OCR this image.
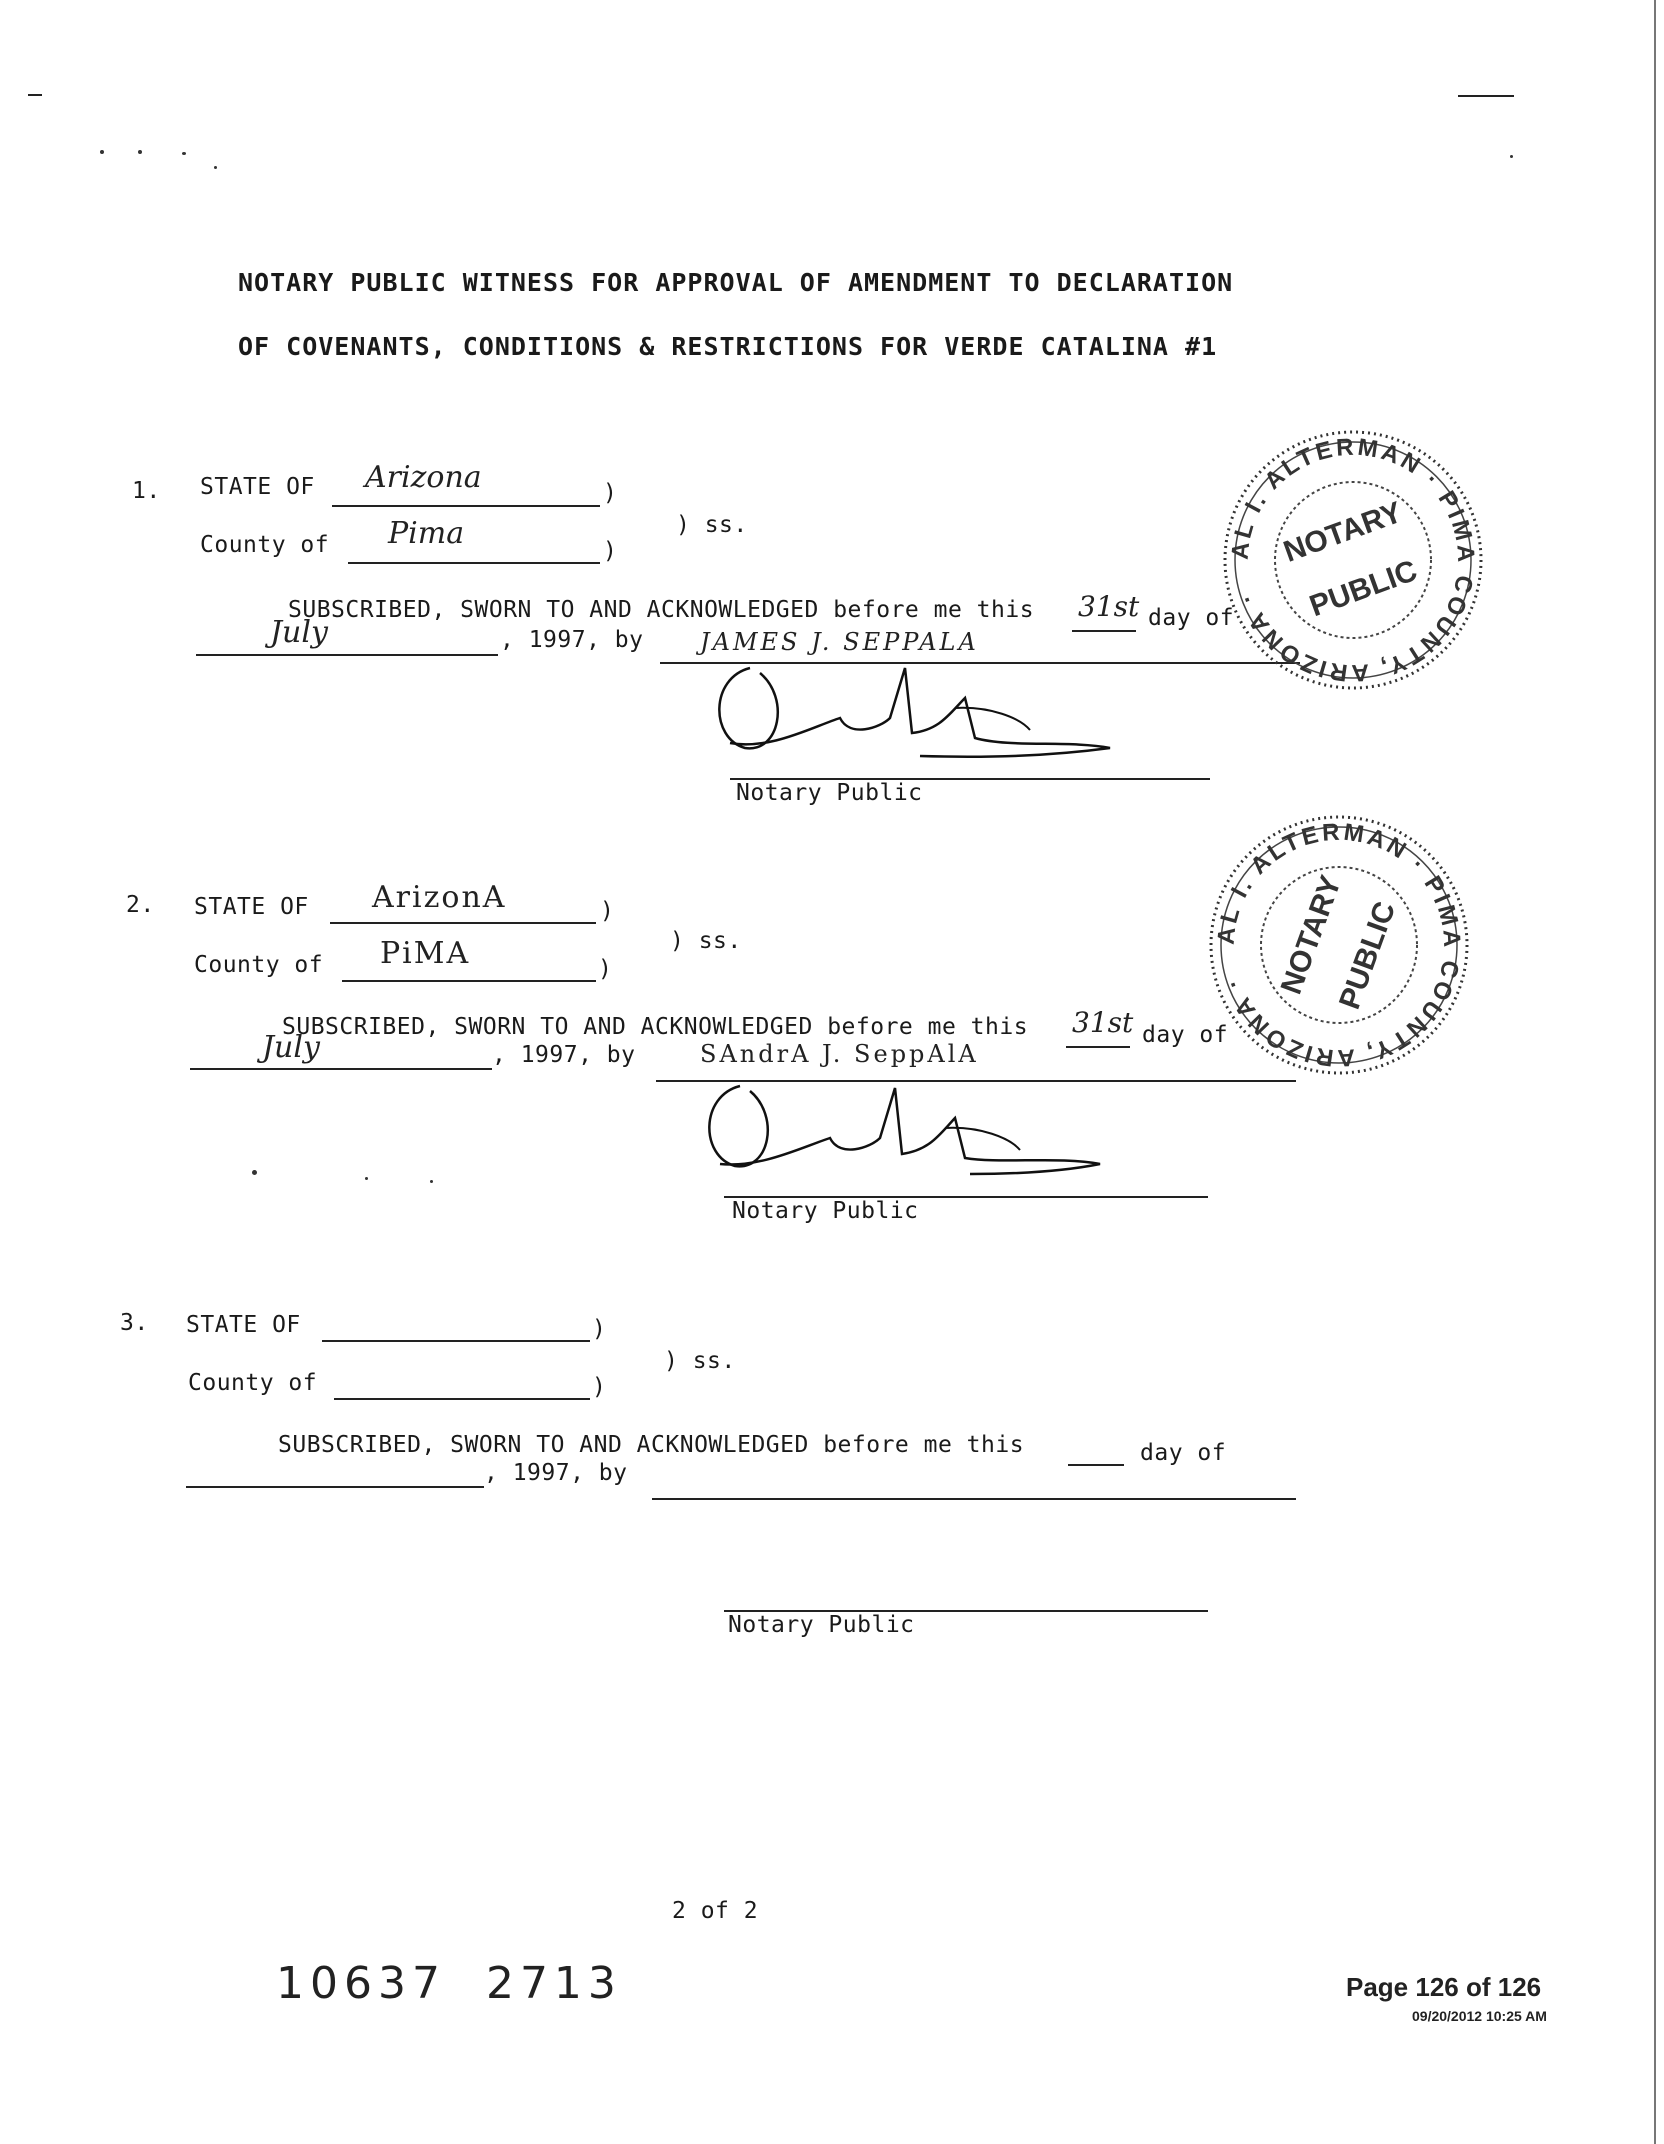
NOTARY PUBLIC WITNESS FOR APPROVAL OF AMENDMENT TO DECLARATION
OF COVENANTS, CONDITIONS & RESTRICTIONS FOR VERDE CATALINA #1
1. STATE OF Arizona	)
) ss.
County of Pima	)
SUBSCRIBED, SWORN TO AND ACKNOWLEDGED before me this 31st day of
July	, 1997, by JAMES J. SEPPALA
Notary Public
AL I. ALTERMAN · PIMA COUNTY, ARIZONA ·
NOTARY
PUBLIC
2. STATE OF ArizonA	)
) ss.
County of PiMA	)
SUBSCRIBED, SWORN TO AND ACKNOWLEDGED before me this 31st day of
July	, 1997, by	SAndrA J. SeppAlA
Notary Public
AL I. ALTERMAN · PIMA COUNTY, ARIZONA · NOTARY
PUBLIC
3. STATE OF	)
) ss.
County of	)
SUBSCRIBED, SWORN TO AND ACKNOWLEDGED before me this	day of
, 1997, by
Notary Public
2 of 2
10637  2713	Page 126 of 126
09/20/2012 10:25 AM
